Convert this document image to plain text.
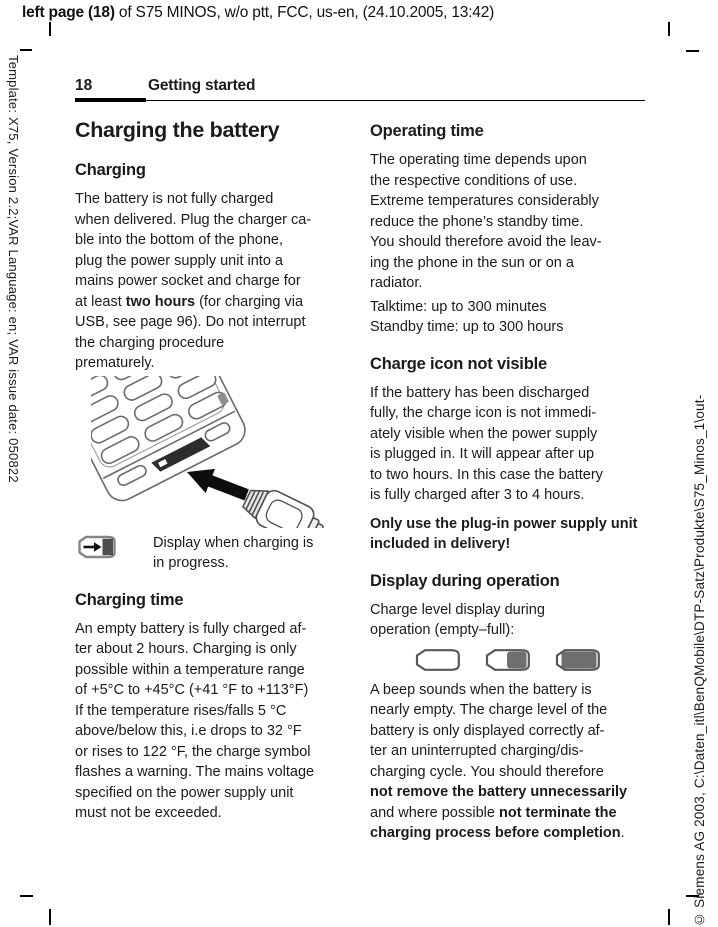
left page (18) of S75 MINOS, w/o ptt, FCC, us-en, (24.10.2005, 13:42)
Template: X75, Version 2.2;VAR Language: en; VAR issue date: 050822
© Siemens AG 2003, C:\Daten_itl\BenQMobile\DTP-Satz\Produkte\S75_Minos_1\out-
18	Getting started
Charging the battery
Charging
The battery is not fully charged
when delivered. Plug the charger ca-
ble into the bottom of the phone,
plug the power supply unit into a
mains power socket and charge for
at least two hours (for charging via
USB, see page 96). Do not interrupt
the charging procedure
prematurely.
Display when charging is
in progress.
Charging time
An empty battery is fully charged af-
ter about 2 hours. Charging is only
possible within a temperature range
of +5°C to +45°C (+41 °F to +113°F)
If the temperature rises/falls 5 °C
above/below this, i.e drops to 32 °F
or rises to 122 °F, the charge symbol
flashes a warning. The mains voltage
specified on the power supply unit
must not be exceeded.
Operating time
The operating time depends upon
the respective conditions of use.
Extreme temperatures considerably
reduce the phone’s standby time.
You should therefore avoid the leav-
ing the phone in the sun or on a
radiator.
Talktime: up to 300 minutes
Standby time: up to 300 hours
Charge icon not visible
If the battery has been discharged
fully, the charge icon is not immedi-
ately visible when the power supply
is plugged in. It will appear after up
to two hours. In this case the battery
is fully charged after 3 to 4 hours.
Only use the plug-in power supply unit
included in delivery!
Display during operation
Charge level display during
operation (empty–full):
A beep sounds when the battery is
nearly empty. The charge level of the
battery is only displayed correctly af-
ter an uninterrupted charging/dis-
charging cycle. You should therefore
not remove the battery unnecessarily
and where possible not terminate the
charging process before completion.
